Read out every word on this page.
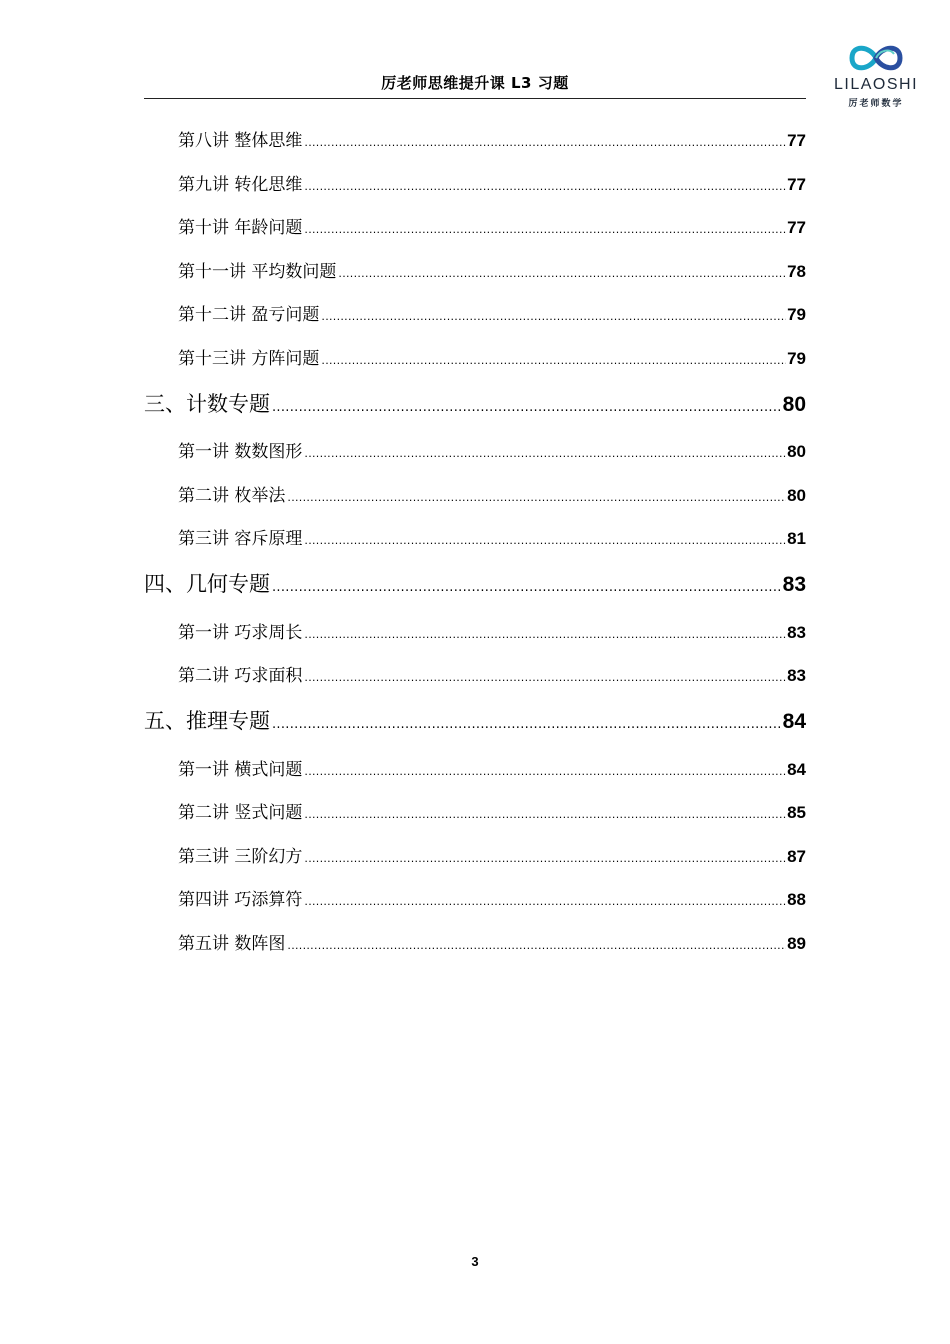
厉老师思维提升课 L3 习题	LILAOSHI
厉老师数学
第八讲 整体思维 .....	77
第九讲 转化思维 .....	77
第十讲 年龄问题 .....	77
第十一讲 平均数问题 .....	78
第十二讲 盈亏问题 .....	79
第十三讲 方阵问题 .....	79
三、计数专题 .....	80
第一讲 数数图形 .....	80
第二讲 枚举法 .....	80
第三讲 容斥原理 .....	81
四、几何专题 .....	83
第一讲 巧求周长 .....	83
第二讲 巧求面积 .....	83
五、推理专题 .....	84
第一讲 横式问题 .....	84
第二讲 竖式问题 .....	85
第三讲 三阶幻方 .....	87
第四讲 巧添算符 .....	88
第五讲 数阵图 .....	89
3
